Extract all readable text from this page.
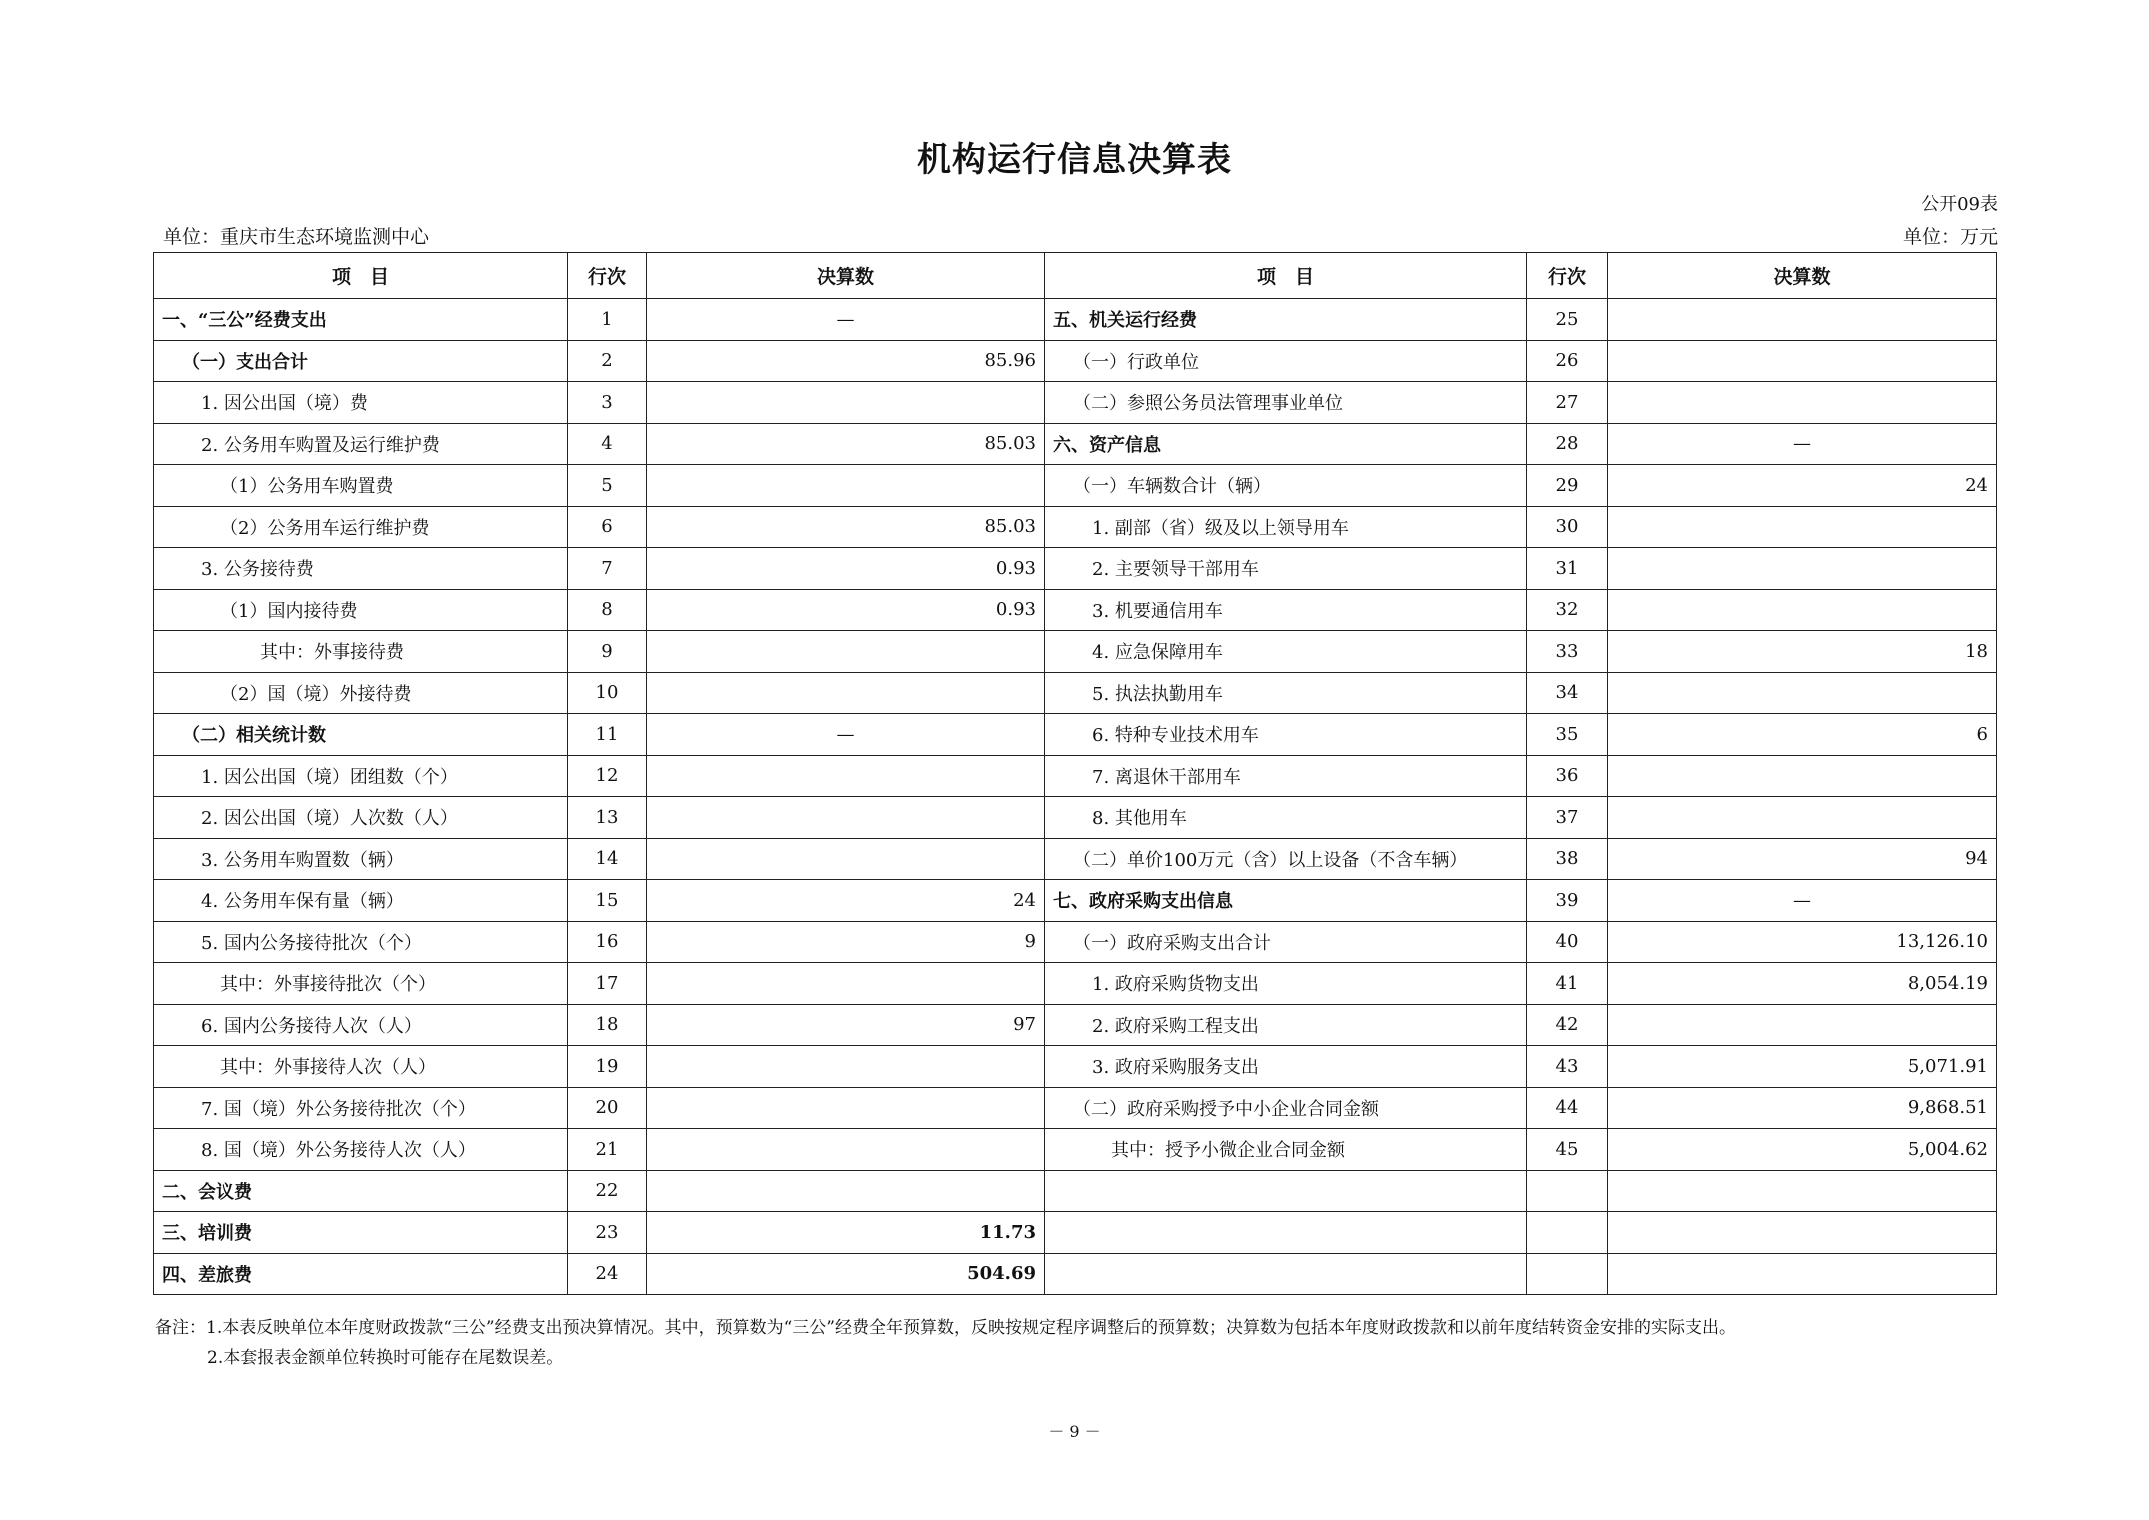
机构运行信息决算表
公开09表
单位：重庆市生态环境监测中心	单位：万元
项　目	行次	决算数	项　目	行次	决算数
一、“三公”经费支出	1	—	五、机关运行经费	25	
（一）支出合计	2	85.96	（一）行政单位	26	
1. 因公出国（境）费	3		（二）参照公务员法管理事业单位	27	
2. 公务用车购置及运行维护费	4	85.03	六、资产信息	28	—
（1）公务用车购置费	5		（一）车辆数合计（辆）	29	24
（2）公务用车运行维护费	6	85.03	1. 副部（省）级及以上领导用车	30	
3. 公务接待费	7	0.93	2. 主要领导干部用车	31	
（1）国内接待费	8	0.93	3. 机要通信用车	32	
其中：外事接待费	9		4. 应急保障用车	33	18
（2）国（境）外接待费	10		5. 执法执勤用车	34	
（二）相关统计数	11	—	6. 特种专业技术用车	35	6
1. 因公出国（境）团组数（个）	12		7. 离退休干部用车	36	
2. 因公出国（境）人次数（人）	13		8. 其他用车	37	
3. 公务用车购置数（辆）	14		（二）单价100万元（含）以上设备（不含车辆）	38	94
4. 公务用车保有量（辆）	15	24	七、政府采购支出信息	39	—
5. 国内公务接待批次（个）	16	9	（一）政府采购支出合计	40	13,126.10
其中：外事接待批次（个）	17		1. 政府采购货物支出	41	8,054.19
6. 国内公务接待人次（人）	18	97	2. 政府采购工程支出	42	
其中：外事接待人次（人）	19		3. 政府采购服务支出	43	5,071.91
7. 国（境）外公务接待批次（个）	20		（二）政府采购授予中小企业合同金额	44	9,868.51
8. 国（境）外公务接待人次（人）	21		其中：授予小微企业合同金额	45	5,004.62
二、会议费	22				
三、培训费	23	11.73			
四、差旅费	24	504.69			
备注：1.本表反映单位本年度财政拨款“三公”经费支出预决算情况。其中，预算数为“三公”经费全年预算数，反映按规定程序调整后的预算数；决算数为包括本年度财政拨款和以前年度结转资金安排的实际支出。
2.本套报表金额单位转换时可能存在尾数误差。
－ 9 －
